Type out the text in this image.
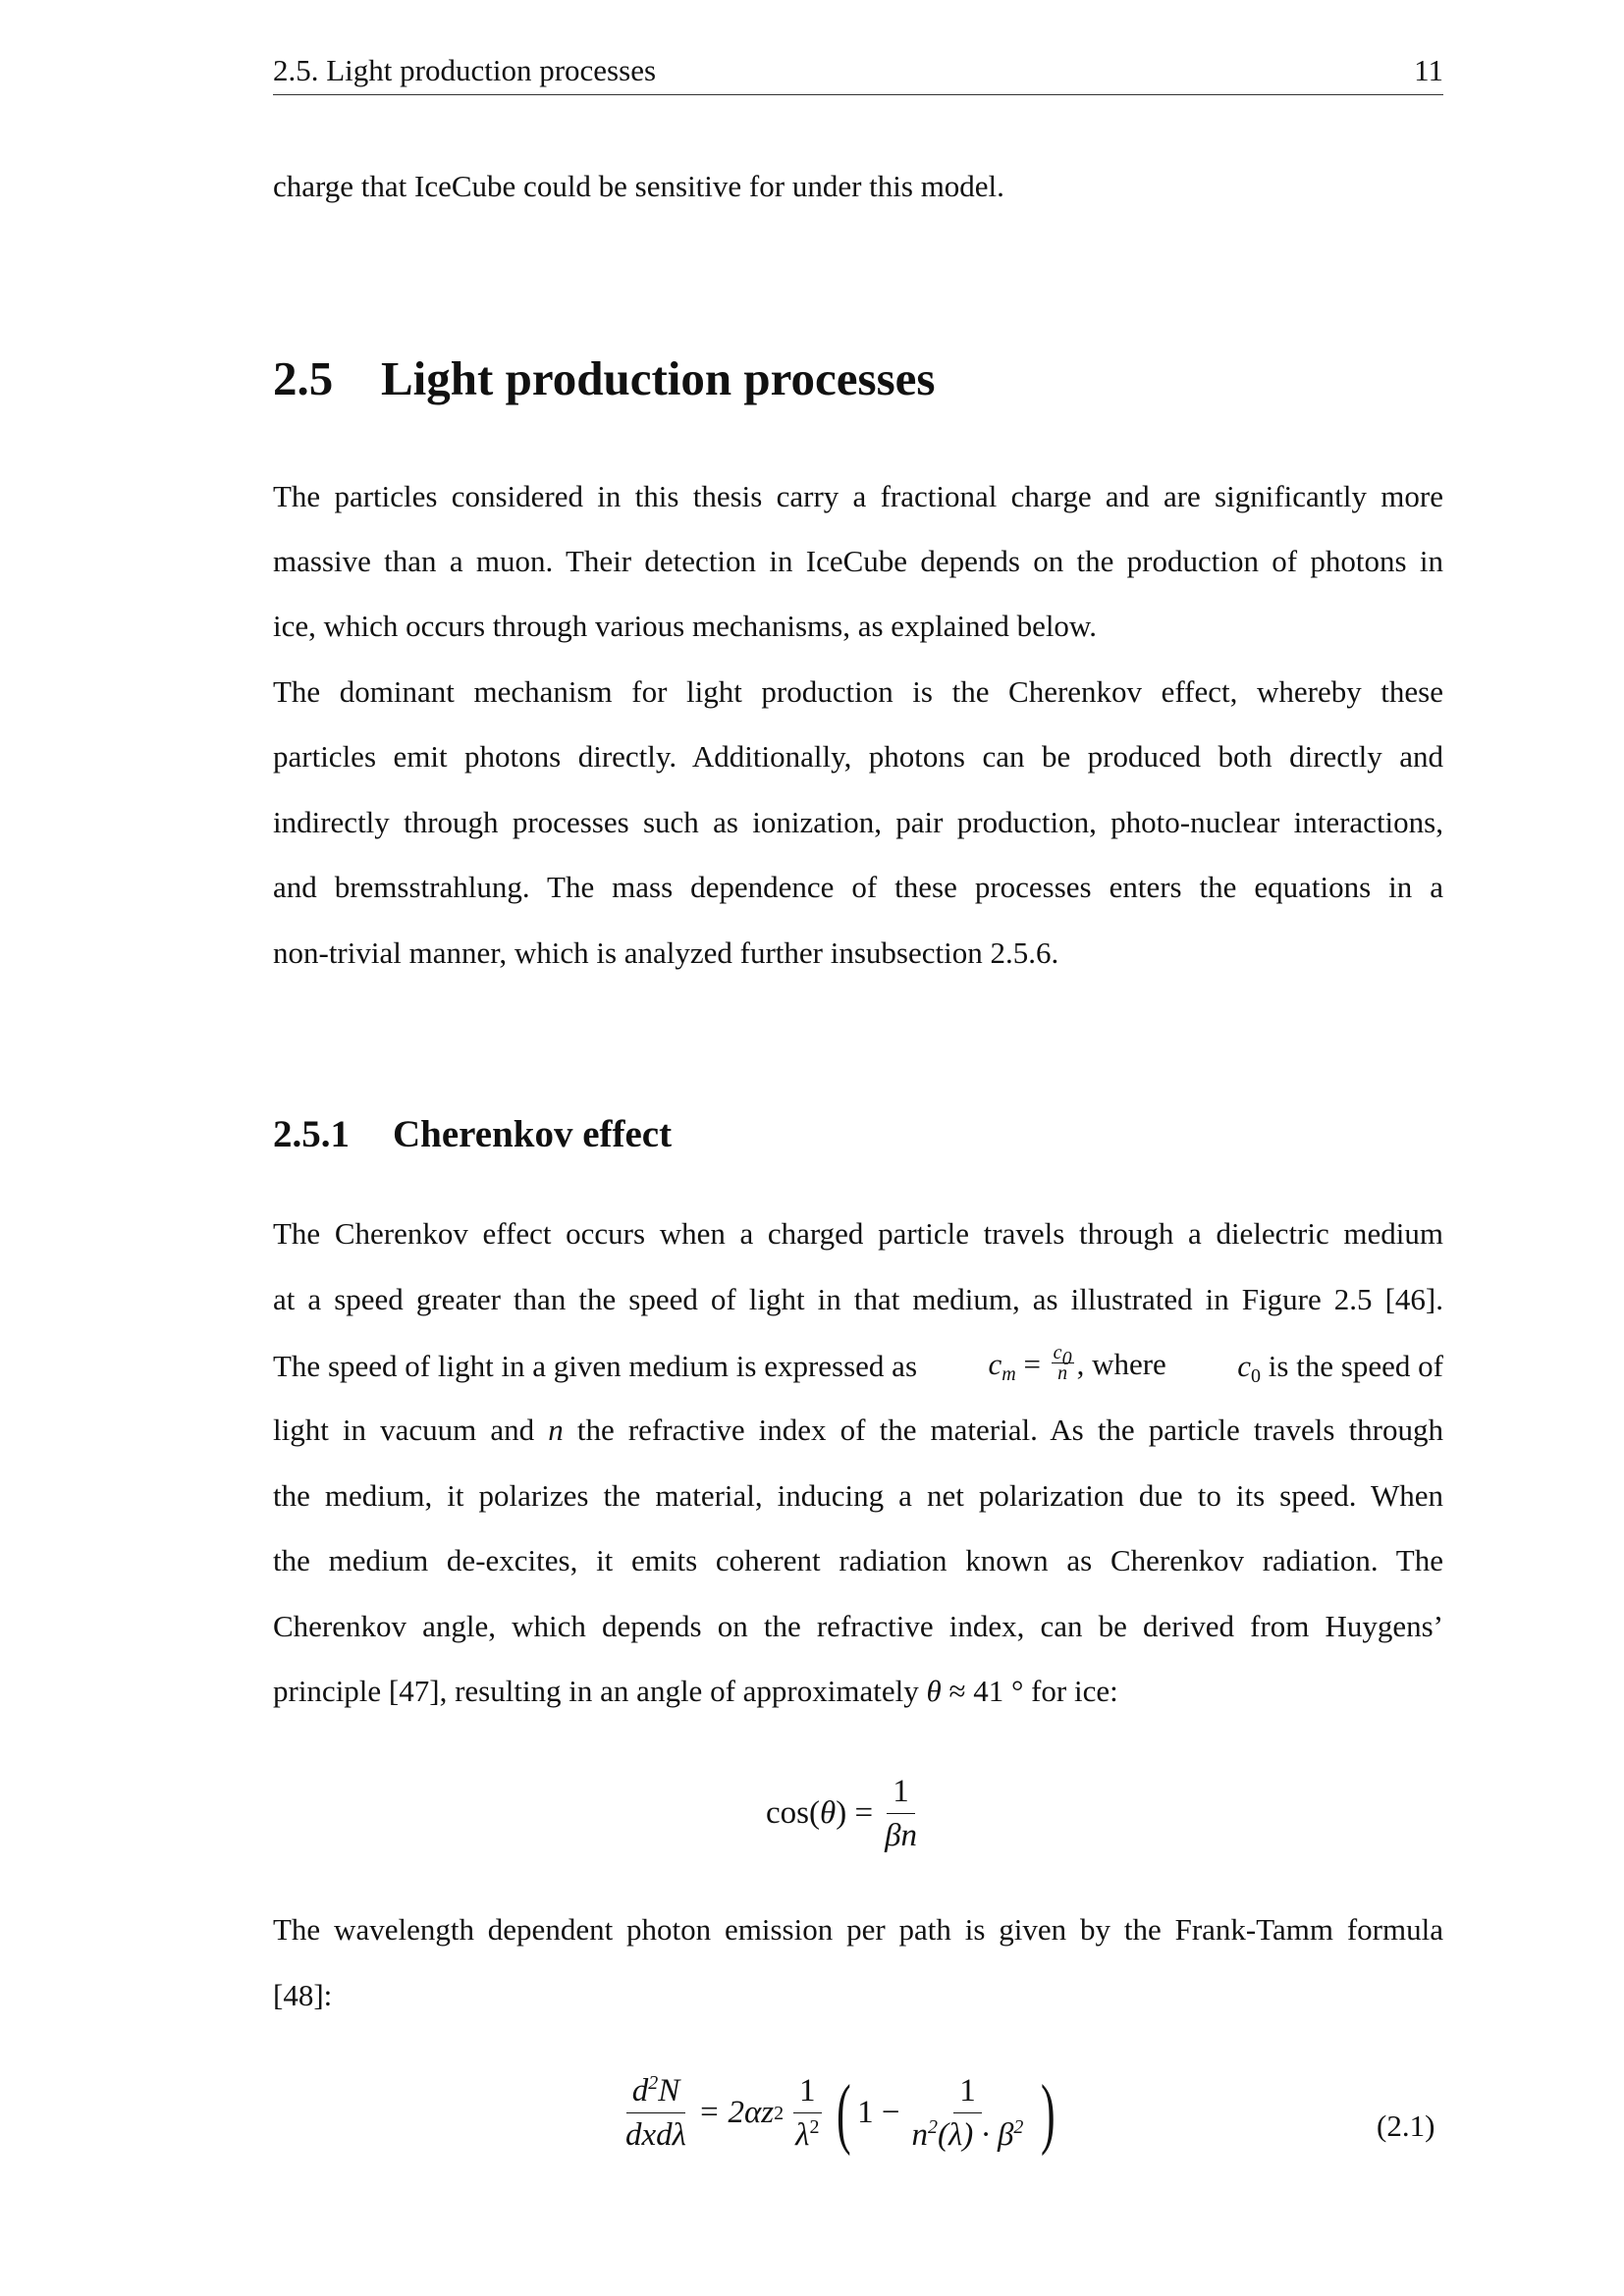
2.5. Light production processes	11
charge that IceCube could be sensitive for under this model.
2.5 Light production processes
The particles considered in this thesis carry a fractional charge and are significantly more
massive than a muon. Their detection in IceCube depends on the production of photons in
ice, which occurs through various mechanisms, as explained below.
The dominant mechanism for light production is the Cherenkov effect, whereby these
particles emit photons directly. Additionally, photons can be produced both directly and
indirectly through processes such as ionization, pair production, photo-nuclear interactions,
and bremsstrahlung. The mass dependence of these processes enters the equations in a
non-trivial manner, which is analyzed further insubsection 2.5.6.
2.5.1 Cherenkov effect
The Cherenkov effect occurs when a charged particle travels through a dielectric medium
at a speed greater than the speed of light in that medium, as illustrated in Figure 2.5 [46].
The speed of light in a given medium is expressed as $c_m = \frac{c_0}{n}$ , where $c_0$ is the speed of
light in vacuum and n the refractive index of the material. As the particle travels through
the medium, it polarizes the material, inducing a net polarization due to its speed. When
the medium de-excites, it emits coherent radiation known as Cherenkov radiation. The
Cherenkov angle, which depends on the refractive index, can be derived from Huygens’
principle [47], resulting in an angle of approximately θ ≈ 41 ° for ice:
cos( θ ) = $\frac{1}{\beta n}$
The wavelength dependent photon emission per path is given by the Frank-Tamm formula
[48]:
$\frac{d^2N}{\text{dxdλ}} = 2\alpha z$ $2 \frac{1}{\lambda^2}$ ( $1 - \frac{1}{n^2(\lambda) \cdot \beta^2}$ )	(2.1)
